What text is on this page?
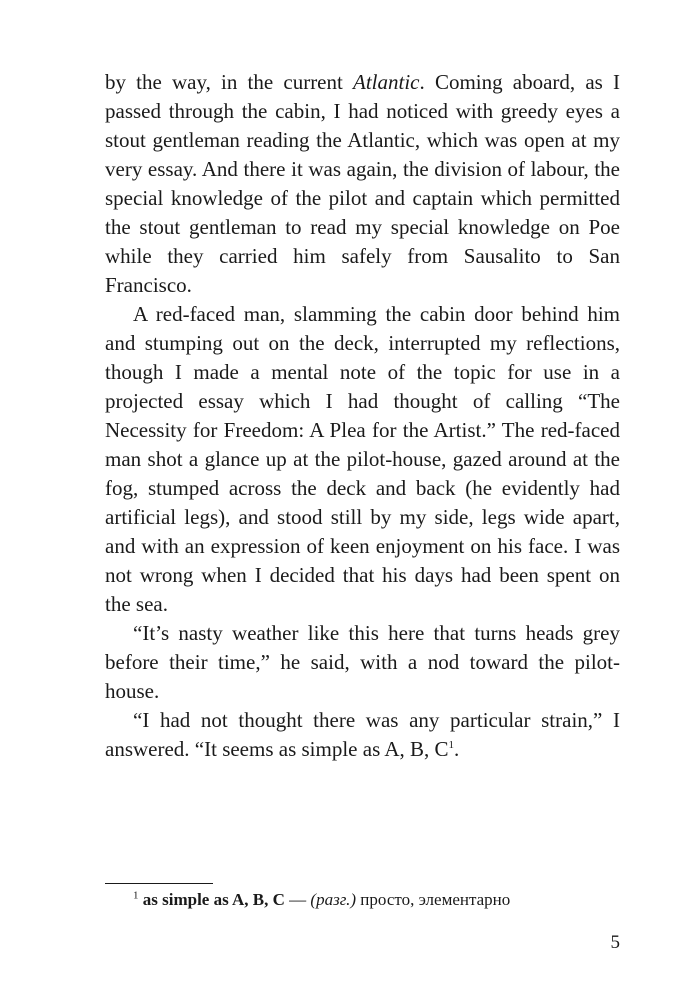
by the way, in the current Atlantic. Coming aboard, as I passed through the cabin, I had noticed with greedy eyes a stout gentleman reading the Atlantic, which was open at my very essay. And there it was again, the division of labour, the special knowledge of the pilot and captain which permitted the stout gentleman to read my special knowledge on Poe while they carried him safely from Sausalito to San Francisco.

A red-faced man, slamming the cabin door behind him and stumping out on the deck, interrupted my reflections, though I made a mental note of the topic for use in a projected essay which I had thought of calling “The Necessity for Freedom: A Plea for the Artist.” The red-faced man shot a glance up at the pilot-house, gazed around at the fog, stumped across the deck and back (he evidently had artificial legs), and stood still by my side, legs wide apart, and with an expression of keen enjoyment on his face. I was not wrong when I decided that his days had been spent on the sea.

“It’s nasty weather like this here that turns heads grey before their time,” he said, with a nod toward the pilot-house.

“I had not thought there was any particular strain,” I answered. “It seems as simple as A, B, $C^1$.

$^1$ as simple as A, B, C — (разг.) просто, элементарно
5
